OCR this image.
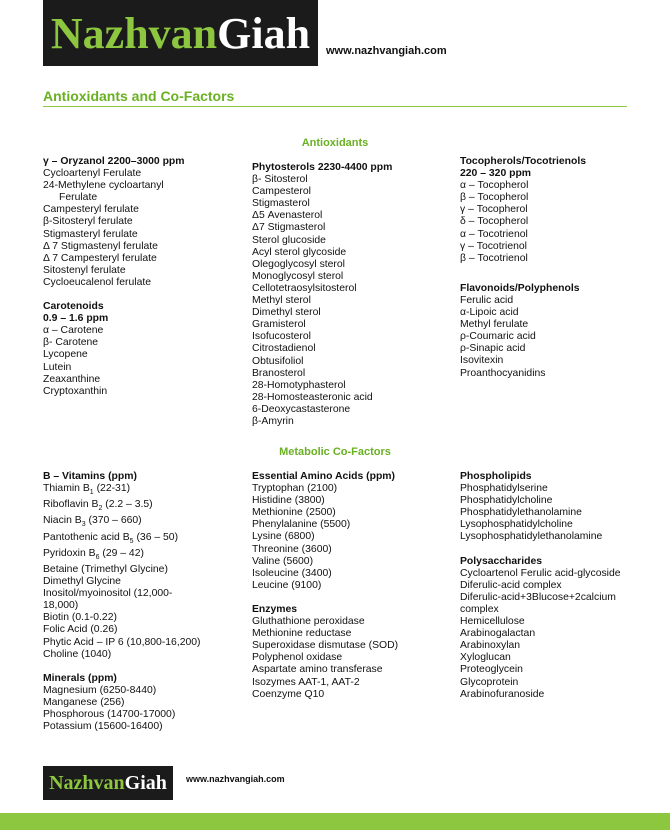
Nazhvan Giah www.nazhvangiah.com
Antioxidants and Co-Factors
Antioxidants
γ – Oryzanol 2200–3000 ppm
Cycloartenyl Ferulate
24-Methylene cycloartanyl
Ferulate
Campesteryl ferulate
β-Sitosteryl ferulate
Stigmasteryl ferulate
Δ 7 Stigmastenyl ferulate
Δ 7 Campesteryl ferulate
Sitostenyl ferulate
Cycloeucalenol ferulate
Carotenoids
0.9 – 1.6 ppm
α – Carotene
β- Carotene
Lycopene
Lutein
Zeaxanthine
Cryptoxanthin
Phytosterols 2230-4400 ppm
β- Sitosterol
Campesterol
Stigmasterol
Δ5 Avenasterol
Δ7 Stigmasterol
Sterol glucoside
Acyl sterol glycoside
Olegoglycosyl sterol
Monoglycosyl sterol
Cellotetraosylsitosterol
Methyl sterol
Dimethyl sterol
Gramisterol
Isofucosterol
Citrostadienol
Obtusifoliol
Branosterol
28-Homotyphasterol
28-Homosteasteronic acid
6-Deoxycastasterone
β-Amyrin
Tocopherols/Tocotrienols
220 – 320 ppm
α – Tocopherol
β – Tocopherol
γ – Tocopherol
δ – Tocopherol
α – Tocotrienol
γ – Tocotrienol
β – Tocotrienol
Flavonoids/Polyphenols
Ferulic acid
α-Lipoic acid
Methyl ferulate
ρ-Coumaric acid
ρ-Sinapic acid
Isovitexin
Proanthocyanidins
Metabolic Co-Factors
B – Vitamins (ppm)
Thiamin $B_1$ (22-31)
Riboflavin $B_2$ (2.2 – 3.5)
Niacin $B_3$ (370 – 660)
Pantothenic acid $B_5$ (36 – 50)
Pyridoxin $B_6$ (29 – 42)
Betaine (Trimethyl Glycine)
Dimethyl Glycine
Inositol/myoinositol (12,000-
18,000)
Biotin (0.1-0.22)
Folic Acid (0.26)
Phytic Acid – IP 6 (10,800-16,200)
Choline (1040)
Minerals (ppm)
Magnesium (6250-8440)
Manganese (256)
Phosphorous (14700-17000)
Potassium (15600-16400)
Essential Amino Acids (ppm)
Tryptophan (2100)
Histidine (3800)
Methionine (2500)
Phenylalanine (5500)
Lysine (6800)
Threonine (3600)
Valine (5600)
Isoleucine (3400)
Leucine (9100)
Enzymes
Gluthathione peroxidase
Methionine reductase
Superoxidase dismutase (SOD)
Polyphenol oxidase
Aspartate amino transferase
Isozymes AAT-1, AAT-2
Coenzyme Q10
Phospholipids
Phosphatidylserine
Phosphatidylcholine
Phosphatidylethanolamine
Lysophosphatidylcholine
Lysophosphatidylethanolamine
Polysaccharides
Cycloartenol Ferulic acid-glycoside
Diferulic-acid complex
Diferulic-acid+3Blucose+2calcium
complex
Hemicellulose
Arabinogalactan
Arabinoxylan
Xyloglucan
Proteoglycein
Glycoprotein
Arabinofuranoside
Nazhvan Giah www.nazhvangiah.com
